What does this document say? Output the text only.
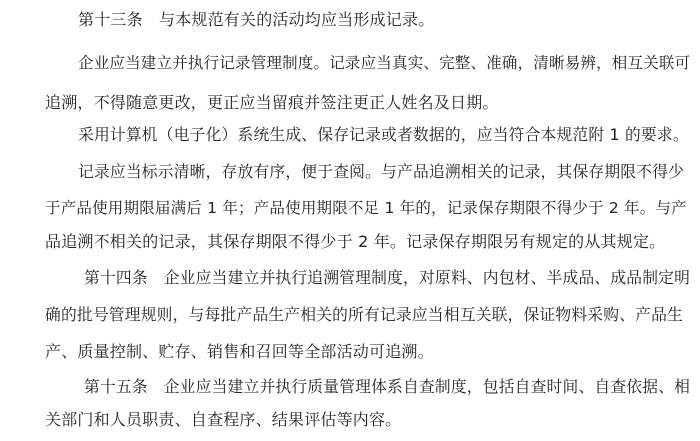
第十三条　与本规范有关的活动均应当形成记录。
企业应当建立并执行记录管理制度。记录应当真实、完整、准确，清晰易辨，相互关联可
追溯，不得随意更改，更正应当留痕并签注更正人姓名及日期。
采用计算机（电子化）系统生成、保存记录或者数据的，应当符合本规范附 1 的要求。
记录应当标示清晰，存放有序，便于查阅。与产品追溯相关的记录，其保存期限不得少
于产品使用期限届满后 1 年；产品使用期限不足 1 年的，记录保存期限不得少于 2 年。与产
品追溯不相关的记录，其保存期限不得少于 2 年。记录保存期限另有规定的从其规定。
第十四条　企业应当建立并执行追溯管理制度，对原料、内包材、半成品、成品制定明
确的批号管理规则，与每批产品生产相关的所有记录应当相互关联，保证物料采购、产品生
产、质量控制、贮存、销售和召回等全部活动可追溯。
第十五条　企业应当建立并执行质量管理体系自查制度，包括自查时间、自查依据、相
关部门和人员职责、自查程序、结果评估等内容。
